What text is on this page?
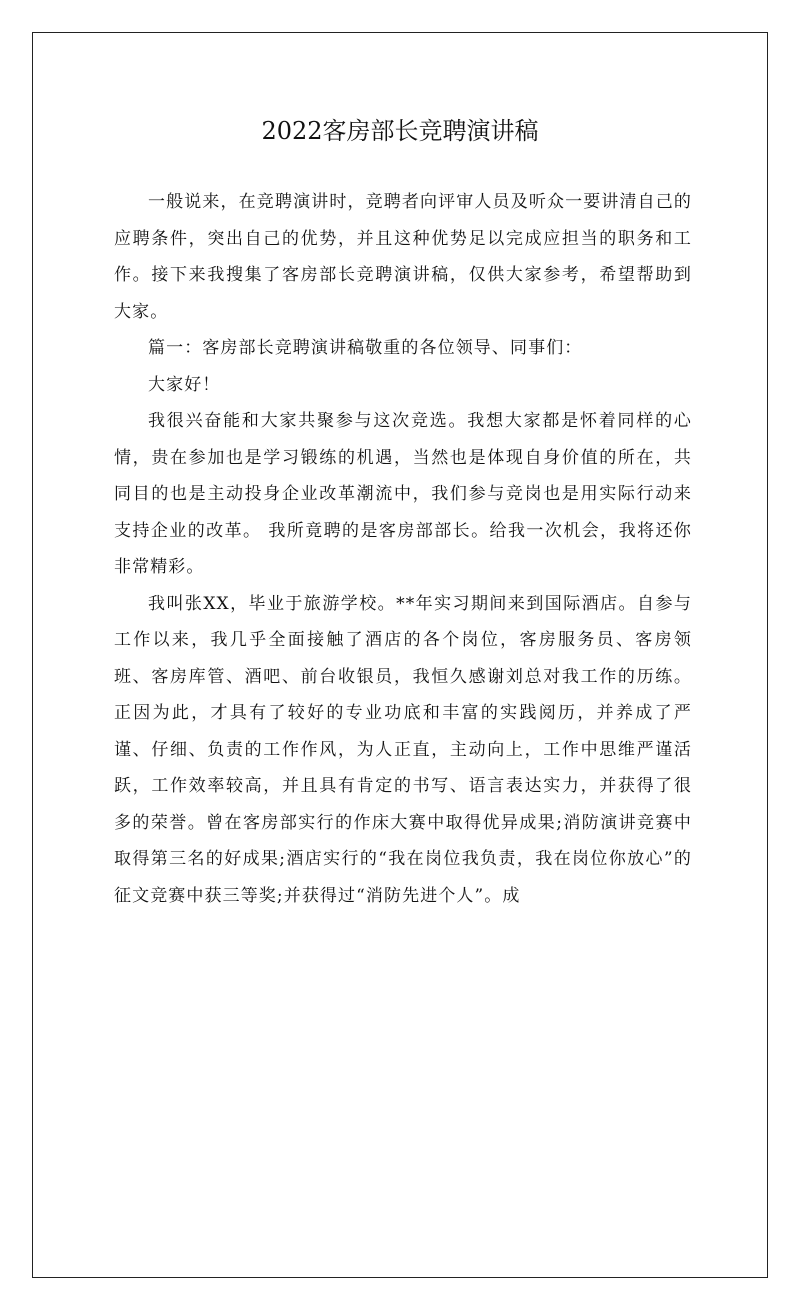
2022客房部长竞聘演讲稿

一般说来，在竞聘演讲时，竞聘者向评审人员及听众一要讲清自己的应聘条件，突出自己的优势，并且这种优势足以完成应担当的职务和工作。接下来我搜集了客房部长竞聘演讲稿，仅供大家参考，希望帮助到大家。

篇一：客房部长竞聘演讲稿敬重的各位领导、同事们：

大家好！

我很兴奋能和大家共聚参与这次竞选。我想大家都是怀着同样的心情，贵在参加也是学习锻练的机遇，当然也是体现自身价值的所在，共同目的也是主动投身企业改革潮流中，我们参与竞岗也是用实际行动来支持企业的改革。 我所竟聘的是客房部部长。给我一次机会，我将还你非常精彩。

我叫张XX，毕业于旅游学校。**年实习期间来到国际酒店。自参与工作以来，我几乎全面接触了酒店的各个岗位，客房服务员、客房领班、客房库管、酒吧、前台收银员，我恒久感谢刘总对我工作的历练。正因为此，才具有了较好的专业功底和丰富的实践阅历，并养成了严谨、仔细、负责的工作作风，为人正直，主动向上，工作中思维严谨活跃，工作效率较高，并且具有肯定的书写、语言表达实力，并获得了很多的荣誉。曾在客房部实行的作床大赛中取得优异成果;消防演讲竞赛中取得第三名的好成果;酒店实行的“我在岗位我负责，我在岗位你放心”的征文竞赛中获三等奖;并获得过“消防先进个人”。成
